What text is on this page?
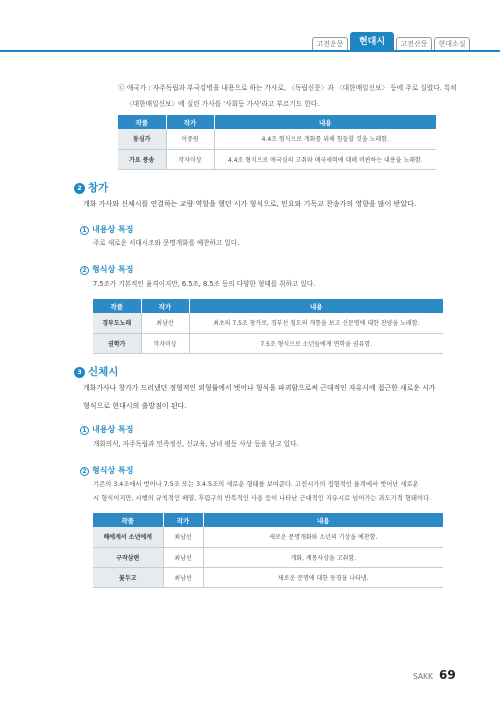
고전운문	현대시	고전산문	현대소설
ⓒ 애국가 : 자주독립과 부국강병을 내용으로 하는 가사로, 〈독립신문〉과 〈대한매일신보〉 등에 주로 실렸다. 특히
〈대한매일신보〉에 실린 가사를 '사회등 가사'라고 부르기도 한다.
작품	작가	내용
동심가	이중원	4.4조 형식으로 개화를 위해 힘들할 것을 노래함.
가요 풍송	작자미상	4.4조 형식으로 애국심의 고취와 애국세력에 대해 비판하는 내용을 노래함.
2 창가
개화 가사와 신체시를 연결하는 교량 역할을 했던 시가 형식으로, 민요와 기독교 찬송가의 영향을 많이 받았다.
1 내용상 특징
주로 새로운 서대시조와 문명개화를 예찬하고 있다.
2 형식상 특징
7.5조가 기본적인 율격이지만, 6.5조, 8.5조 등의 다양한 형태를 취하고 있다.
작품	작가	내용
경부도노래	최남선	최초의 7.5조 창가로, 경부선 철도의 개통을 보고 신문명에 대한 찬양을 노래함.
권학가	작자미상	7.5조 형식으로 소년들에게 면학을 권유함.
3 신체시
개화가사나 창가가 드러냈던 정형적인 외형률에서 벗어나 형식을 파괴함으로써 근대적인 자유시에 접근한 새로운 시가
형식으로 현대시의 출발점이 된다.
1 내용상 특징
개화의식, 자주독립과 민족정신, 신교육, 남녀 평등 사상 등을 담고 있다.
2 형식상 특징
기존의 3.4조에서 벗어나 7.5조 또는 3.4.5조의 새로운 형태를 보여준다. 고전시가의 정형적인 율격에서 벗어난 새로운
시 형식이지만, 시행의 규칙적인 배열, 후렴구의 반복적인 사용 등이 나타난 근대적인 자유시로 넘어가는 과도기적 형태이다.
작품	작가	내용
해에게서 소년에게	최남선	새로운 문명개화와 소년의 기상을 예찬함.
구작삼편	최남선	개화, 계몽사상을 고취함.
꽃두고	최남선	새로운 문명에 대한 동경을 나타냄.
SAKK 69
